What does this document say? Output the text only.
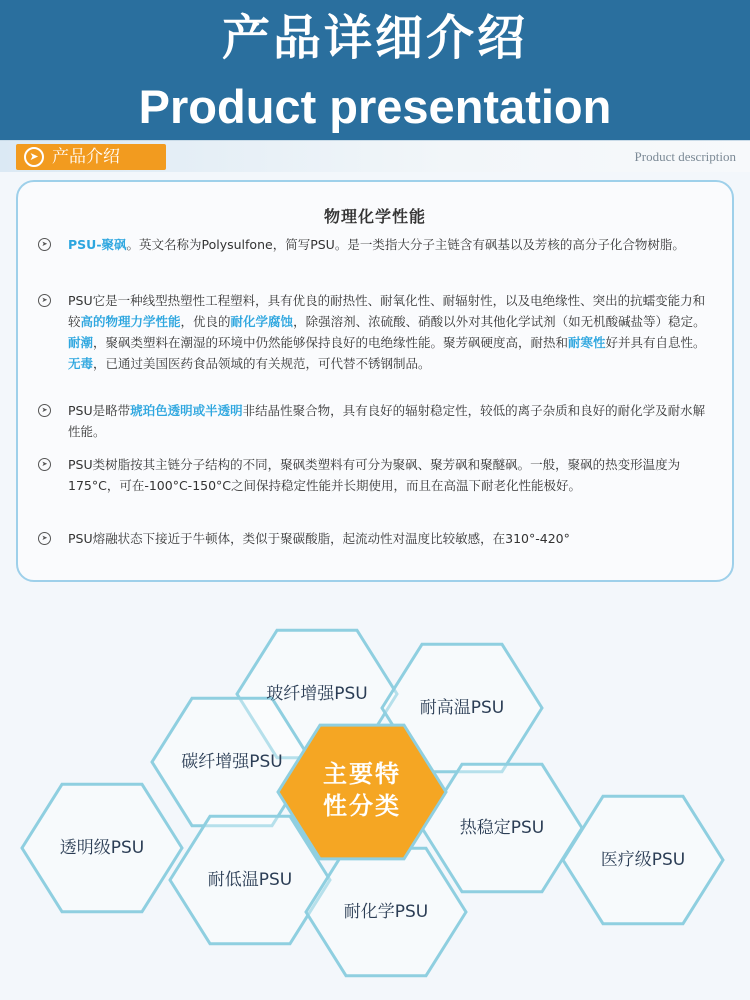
产品详细介绍
Product presentation
➤ 产品介绍	Product description
物理化学性能
➤	PSU-聚砜。英文名称为Polysulfone，简写PSU。是一类指大分子主链含有砜基以及芳核的高分子化合物树脂。
➤	PSU它是一种线型热塑性工程塑料，具有优良的耐热性、耐氧化性、耐辐射性，以及电绝缘性、突出的抗蠕变能力和较高的物理力学性能，优良的耐化学腐蚀，除强溶剂、浓硫酸、硝酸以外对其他化学试剂（如无机酸碱盐等）稳定。耐潮，聚砜类塑料在潮湿的环境中仍然能够保持良好的电绝缘性能。聚芳砜硬度高，耐热和耐寒性好并具有自息性。无毒，已通过美国医药食品领域的有关规范，可代替不锈钢制品。
➤	PSU是略带琥珀色透明或半透明非结晶性聚合物，具有良好的辐射稳定性，较低的离子杂质和良好的耐化学及耐水解性能。
➤	PSU类树脂按其主链分子结构的不同，聚砜类塑料有可分为聚砜、聚芳砜和聚醚砜。一般，聚砜的热变形温度为175°C，可在-100°C-150°C之间保持稳定性能并长期使用，而且在高温下耐老化性能极好。
➤	PSU熔融状态下接近于牛顿体，类似于聚碳酸脂，起流动性对温度比较敏感，在310°-420°
玻纤增强PSU
耐高温PSU
碳纤增强PSU
热稳定PSU
透明级PSU
医疗级PSU
耐低温PSU
耐化学PSU
主要特
性分类
